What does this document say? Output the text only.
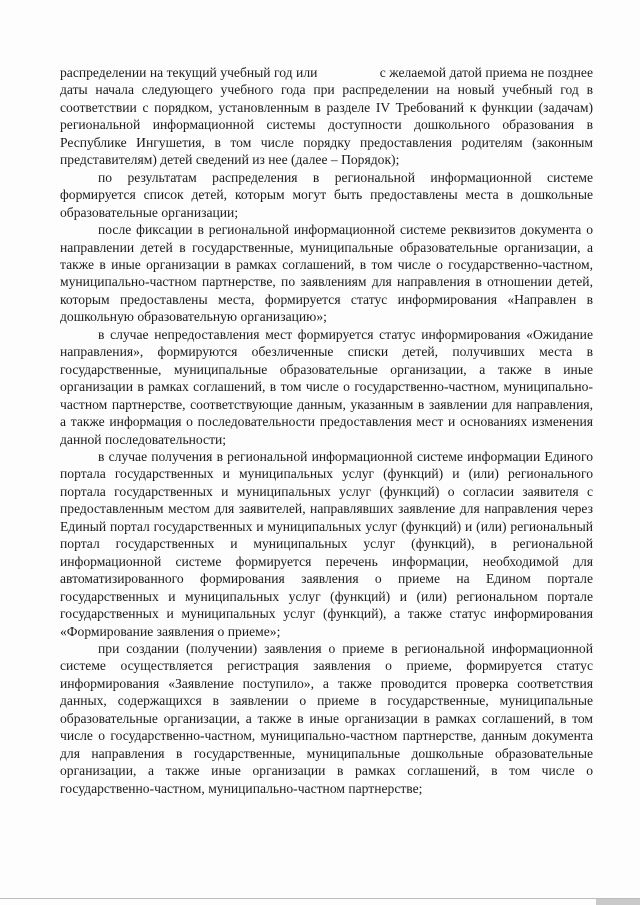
распределении на текущий учебный год или                  с желаемой датой приема не позднее даты начала следующего учебного года при распределении на новый учебный год в соответствии с порядком, установленным в разделе IV Требований к функции (задачам) региональной информационной системы доступности дошкольного образования в Республике Ингушетия, в том числе порядку предоставления родителям (законным представителям) детей сведений из нее (далее – Порядок);

по результатам распределения в региональной информационной системе формируется список детей, которым могут быть предоставлены места в дошкольные образовательные организации;

после фиксации в региональной информационной системе реквизитов документа о направлении детей в государственные, муниципальные образовательные организации, а также в иные организации в рамках соглашений, в том числе о государственно-частном, муниципально-частном партнерстве, по заявлениям для направления в отношении детей, которым предоставлены места, формируется статус информирования «Направлен в дошкольную образовательную организацию»;

в случае непредоставления мест формируется статус информирования «Ожидание направления», формируются обезличенные списки детей, получивших места в государственные, муниципальные образовательные организации, а также в иные организации в рамках соглашений, в том числе о государственно-частном, муниципально-частном партнерстве, соответствующие данным, указанным в заявлении для направления, а также информация о последовательности предоставления мест и основаниях изменения данной последовательности;

в случае получения в региональной информационной системе информации Единого портала государственных и муниципальных услуг (функций) и (или) регионального портала государственных и муниципальных услуг (функций) о согласии заявителя с предоставленным местом для заявителей, направлявших заявление для направления через Единый портал государственных и муниципальных услуг (функций) и (или) региональный портал государственных и муниципальных услуг (функций), в региональной информационной системе формируется перечень информации, необходимой для автоматизированного формирования заявления о приеме на Едином портале государственных и муниципальных услуг (функций) и (или) региональном портале государственных и муниципальных услуг (функций), а также статус информирования «Формирование заявления о приеме»;

при создании (получении) заявления о приеме в региональной информационной системе осуществляется регистрация заявления о приеме, формируется статус информирования «Заявление поступило», а также проводится проверка соответствия данных, содержащихся в заявлении о приеме в государственные, муниципальные образовательные организации, а также в иные организации в рамках соглашений, в том числе о государственно-частном, муниципально-частном партнерстве, данным документа для направления в государственные, муниципальные дошкольные образовательные организации, а также иные организации в рамках соглашений, в том числе о государственно-частном, муниципально-частном партнерстве;
